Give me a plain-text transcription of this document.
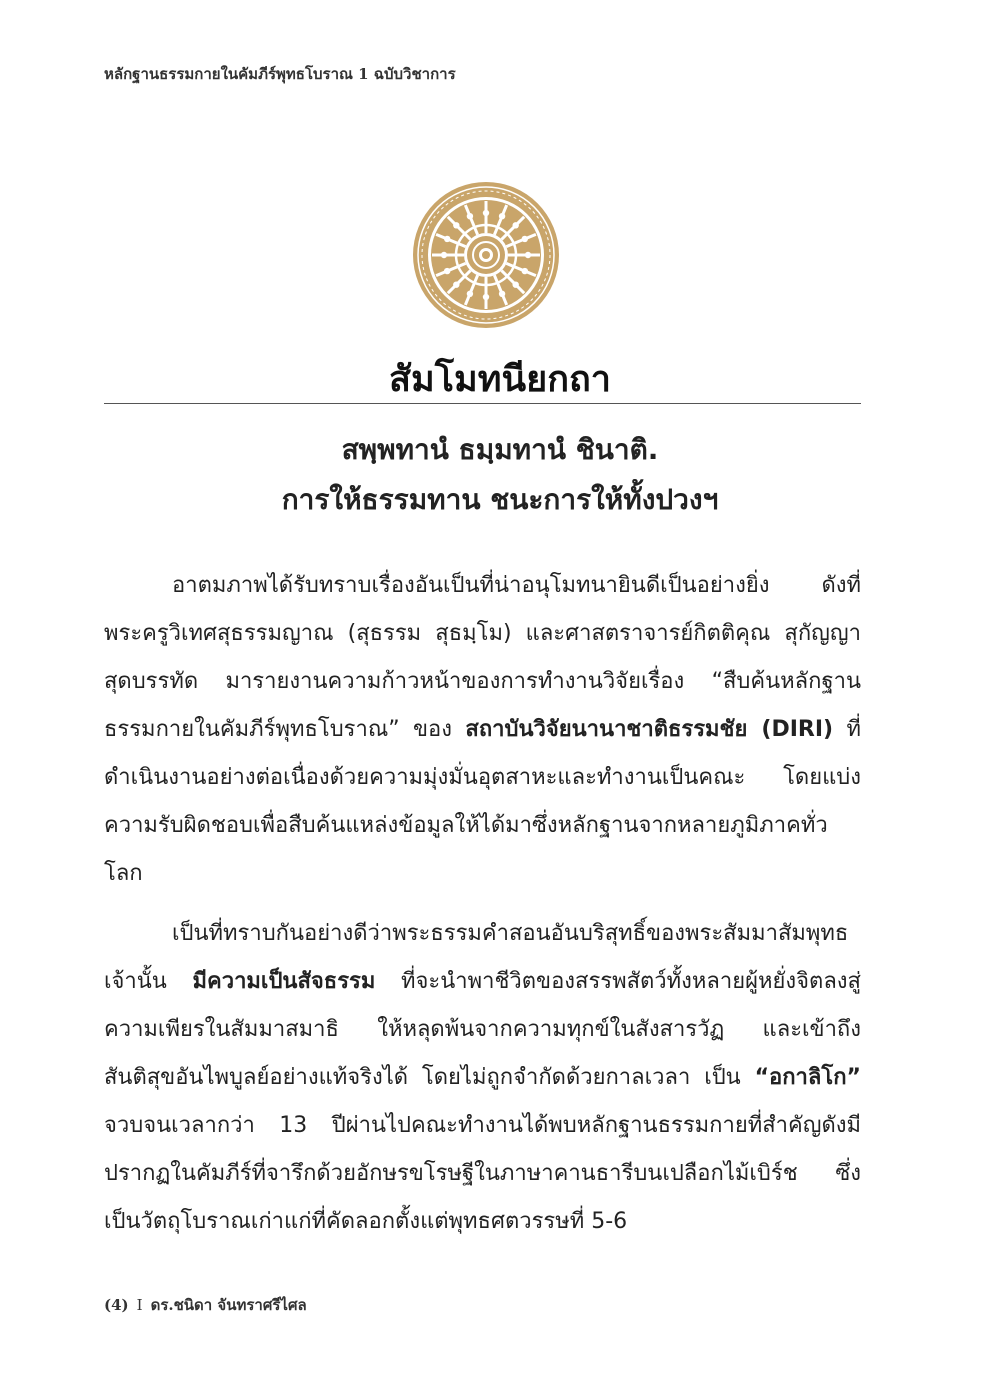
หลักฐานธรรมกายในคัมภีร์พุทธโบราณ 1 ฉบับวิชาการ
สัมโมทนียกถา
สพฺพทานํ ธมฺมทานํ ชินาติ.
การให้ธรรมทาน ชนะการให้ทั้งปวงฯ

อาตมภาพได้รับทราบเรื่องอันเป็นที่น่าอนุโมทนายินดีเป็นอย่างยิ่ง ดังที่พระครูวิเทศสุธรรมญาณ (สุธรรม สุธมฺโม) และศาสตราจารย์กิตติคุณ สุกัญญา สุดบรรทัด มารายงานความก้าวหน้าของการทำงานวิจัยเรื่อง “สืบค้นหลักฐานธรรมกายในคัมภีร์พุทธโบราณ” ของ สถาบันวิจัยนานาชาติธรรมชัย (DIRI) ที่ดำเนินงานอย่างต่อเนื่องด้วยความมุ่งมั่นอุตสาหะและทำงานเป็นคณะ โดยแบ่งความรับผิดชอบเพื่อสืบค้นแหล่งข้อมูลให้ได้มาซึ่งหลักฐานจากหลายภูมิภาคทั่วโลก

เป็นที่ทราบกันอย่างดีว่าพระธรรมคำสอนอันบริสุทธิ์ของพระสัมมาสัมพุทธเจ้านั้น มีความเป็นสัจธรรม ที่จะนำพาชีวิตของสรรพสัตว์ทั้งหลายผู้หยั่งจิตลงสู่ความเพียรในสัมมาสมาธิ ให้หลุดพ้นจากความทุกข์ในสังสารวัฏ และเข้าถึงสันติสุขอันไพบูลย์อย่างแท้จริงได้ โดยไม่ถูกจำกัดด้วยกาลเวลา เป็น “อกาลิโก” จวบจนเวลากว่า 13 ปีผ่านไปคณะทำงานได้พบหลักฐานธรรมกายที่สำคัญดังมีปรากฏในคัมภีร์ที่จารึกด้วยอักษรขโรษฐีในภาษาคานธารีบนเปลือกไม้เบิร์ช ซึ่งเป็นวัตถุโบราณเก่าแก่ที่คัดลอกตั้งแต่พุทธศตวรรษที่ 5-6

(4) I ดร.ชนิดา จันทราศรีไศล
